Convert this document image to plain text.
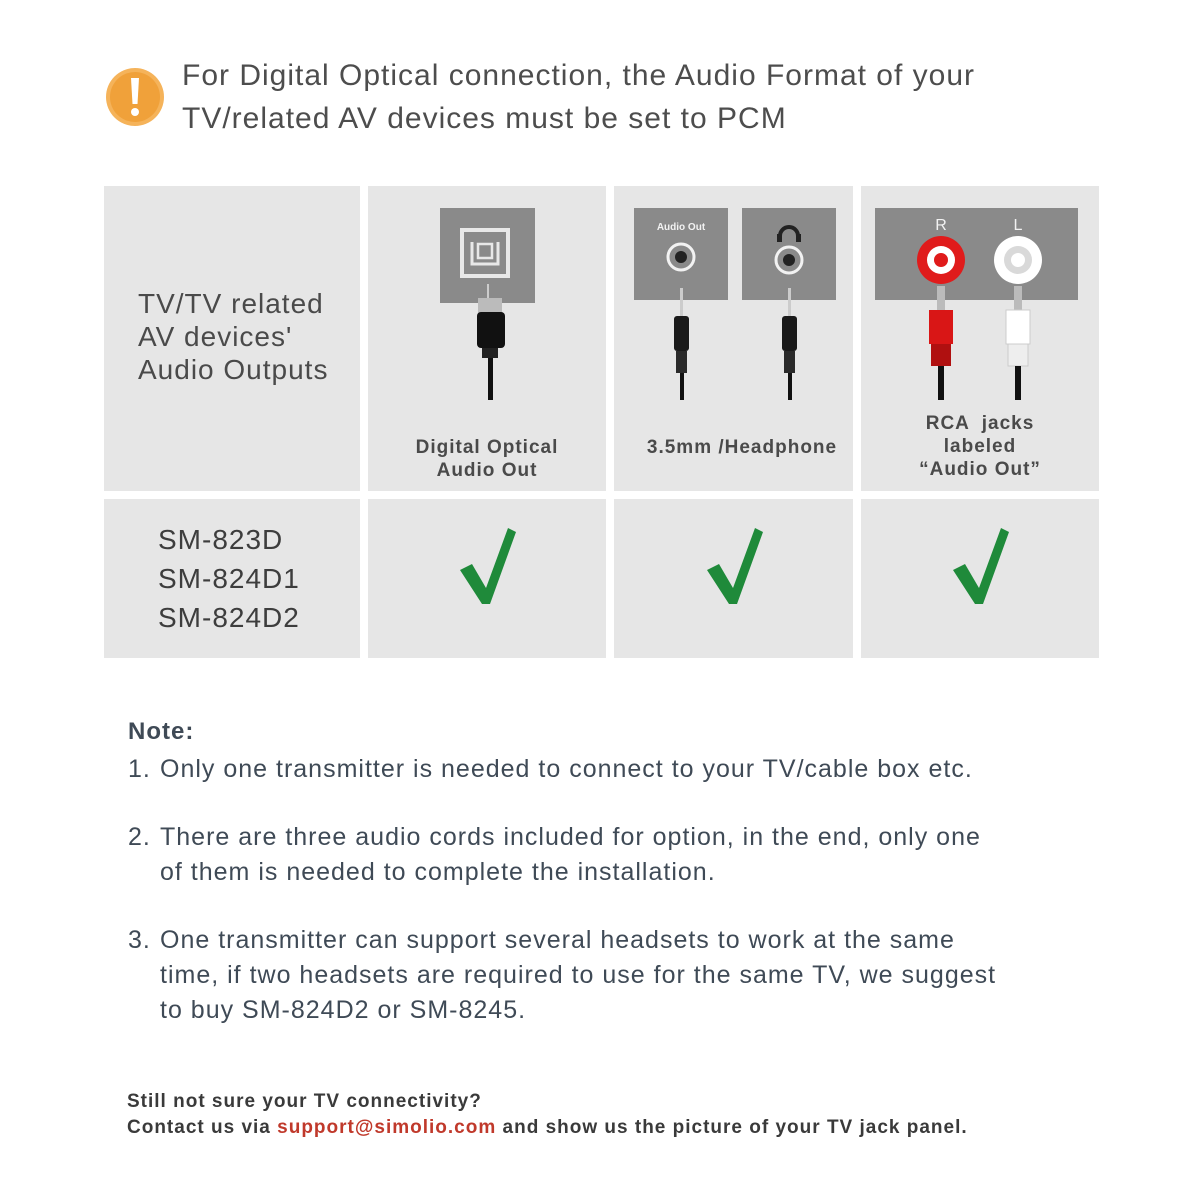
For Digital Optical connection, the Audio Format of your
TV/related AV devices must be set to PCM
TV/TV related
AV devices'
Audio Outputs
Audio Out	R	L
Digital Optical
Audio Out
3.5mm /Headphone
RCA  jacks
labeled
“Audio Out”
SM-823D
SM-824D1
SM-824D2
Note:
1. Only one transmitter is needed to connect to your TV/cable box etc.
2. There are three audio cords included for option, in the end, only one
of them is needed to complete the installation.
3. One transmitter can support several headsets to work at the same
time, if two headsets are required to use for the same TV, we suggest
to buy SM-824D2 or SM-8245.
Still not sure your TV connectivity?
Contact us via support@simolio.com and show us the picture of your TV jack panel.
